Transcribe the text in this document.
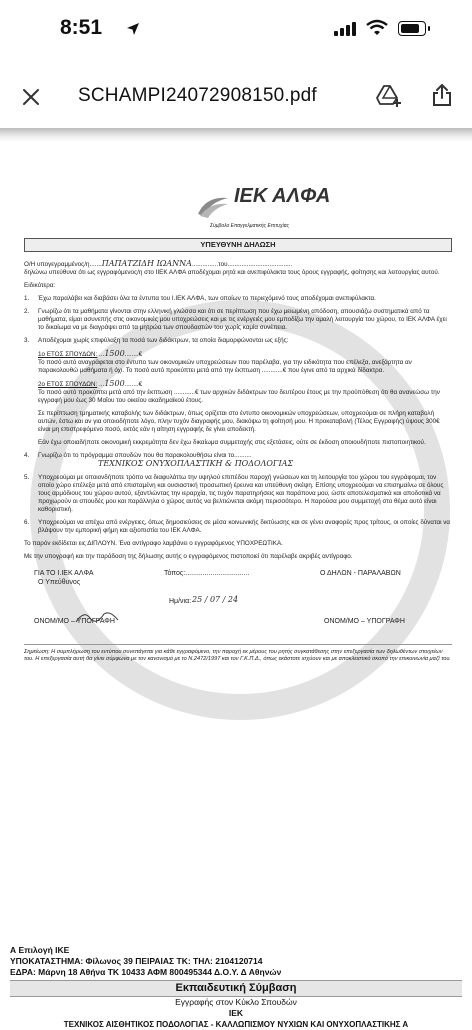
8:51
SCHAMPI24072908150.pdf
ΙΕΚ ΑΛΦΑ
Σύμβολο Επαγγελματικής Επιτυχίας
ΥΠΕΥΘΥΝΗ ΔΗΛΩΣΗ
Ο/Η υπογεγραμμένος/η.......ΠΑΠΑΤΖΙΔΗ ΙΩΑΝΝΑ...............του.....................................
δηλώνω υπεύθυνα ότι ως εγγραφόμενος/η στο ΙΙΕΚ ΑΛΦΑ αποδέχομαι ρητά και ανεπιφύλακτα τους όρους εγγραφής, φοίτησης και λειτουργίας αυτού.
Ειδικότερα:
1. Έχω παραλάβει και διαβάσει όλα τα έντυπα του Ι.ΙΕΚ ΑΛΦΑ, των οποίων το περιεχόμενό τους αποδέχομαι ανεπιφύλακτα.
2. Γνωρίζω ότι τα μαθήματα γίνονται στην ελληνική γλώσσα και ότι σε περίπτωση που έχω μειωμένη απόδοση, απουσιάζω συστηματικά από τα μαθήματα, είμαι ασυνεπής στις οικονομικές μου υποχρεώσεις και με τις ενέργειές μου εμποδίζω την ομαλή λειτουργία του χώρου, το ΙΕΚ ΑΛΦΑ έχει το δικαίωμα να με διαγράψει από τα μητρώα των σπουδαστών του χωρίς καμία συνέπεια.
3. Αποδέχομαι χωρίς επιφύλαξη τα ποσά των διδάκτρων, τα οποία διαμορφώνονται ως εξής:
1ο ΕΤΟΣ ΣΠΟΥΔΩΝ: ...1500........€
Το ποσό αυτό αναγράφεται στο έντυπο των οικονομικών υποχρεώσεων που παρέλαβα, για την ειδικότητα που επέλεξα, ανεξάρτητα αν παρακολουθώ μαθήματα ή όχι. Το ποσό αυτό προκύπτει μετά από την έκπτωση ............€ που έγινε από τα αρχικά δίδακτρα.
2ο ΕΤΟΣ ΣΠΟΥΔΩΝ: ...1500........€
Το ποσό αυτό προκύπτει μετά από την έκπτωση ............€ των αρχικών διδάκτρων του δευτέρου έτους με την προϋπόθεση ότι θα ανανεώσω την εγγραφή μου έως 30 Μαΐου του οικείου ακαδημαϊκού έτους.
Σε περίπτωση τμηματικής καταβολής των διδάκτρων, όπως ορίζεται στο έντυπο οικονομικών υποχρεώσεων, υποχρεούμαι σε πλήρη καταβολή αυτών, έστω και αν για οποιοδήποτε λόγο, πλην τυχόν διαγραφής μου, διακόψω τη φοίτησή μου. Η προκαταβολή (Τέλος Εγγραφής) ύψους 300€ είναι μη επιστρεφόμενο ποσό, εκτός εάν η αίτηση εγγραφής δε γίνει αποδεκτή.
Εάν έχω οποιαδήποτε οικονομική εκκρεμότητα δεν έχω δικαίωμα συμμετοχής στις εξετάσεις, ούτε σε έκδοση οποιουδήποτε πιστοποιητικού.
4. Γνωρίζω ότι το πρόγραμμα σπουδών που θα παρακολουθήσω είναι το..........
ΤΕΧΝΙΚΟΣ ΟΝΥΧΟΠΛΑΣΤΙΚΗ & ΠΟΔΟΛΟΓΙΑΣ
5. Υποχρεούμαι με οποιονδήποτε τρόπο να διαφυλάττω την υψηλού επιπέδου παροχή γνώσεων και τη λειτουργία του χώρου του εγγράφομαι, τον οποίο χώρο επέλεξα μετά από επισταμένη και ουσιαστική προσωπική έρευνα και υπεύθυνη σκέψη. Επίσης υποχρεούμαι να επισημαίνω σε όλους τους αρμόδιους του χώρου αυτού, εξαντλώντας την ιεραρχία, τις τυχόν παρατηρήσεις και παράπονα μου, ώστε αποτελεσματικά και αποδοτικά να προχωρούν οι σπουδές μου και παράλληλα ο χώρος αυτός να βελτιώνεται ακόμη περισσότερο. Η παρούσα μου συμμετοχή στο θέμα αυτό είναι καθοριστική.
6. Υποχρεούμαι να απέχω από ενέργειες, όπως δημοσιεύσεις σε μέσα κοινωνικής δικτύωσης και σε γένει αναφορές προς τρίτους, οι οποίες δύναται να βλάψουν την εμπορική φήμη και αξιοπιστία του ΙΕΚ ΑΛΦΑ.
Το παρόν εκδίδεται εις ΔΙΠΛΟΥΝ. Ένα αντίγραφο λαμβάνει ο εγγραφόμενος ΥΠΟΧΡΕΩΤΙΚΑ.
Με την υπογραφή και την παράδοση της δήλωσης αυτής ο εγγραφόμενος πιστοποιεί ότι παρέλαβε ακριβές αντίγραφο.
ΓΙΑ ΤΟ Ι.ΙΕΚ ΑΛΦΑ
Ο Υπεύθυνος
Τόπος:.................................	Ο ΔΗΛΩΝ - ΠΑΡΑΛΑΒΩΝ
Ημ/νια: 25 / 07 / 24
ΟΝΟΜ/ΜΟ – ΥΠΟΓΡΑΦΗ	ΟΝΟΜ/ΜΟ – ΥΠΟΓΡΑΦΗ
Σημείωση: Η συμπλήρωση του εντύπου συνεπάγεται για κάθε εγγραφόμενο, την παροχή εκ μέρους του ρητής συγκατάθεσης στην επεξεργασία των δηλωθέντων στοιχείων του. Η επεξεργασία αυτή θα γίνει σύμφωνα με τον κανονισμό με το Ν.2472/1997 και τον Γ.Κ.Π.Δ., όπως εκάστοτε ισχύουν και με αποκλειστικό σκοπό την επικοινωνία μαζί του.
Α Επιλογή ΙΚΕ
ΥΠΟΚΑΤΑΣΤΗΜΑ: Φίλωνος 39 ΠΕΙΡΑΙΑΣ ΤΚ: ΤΗΛ: 2104120714
ΕΔΡΑ: Μάρνη 18 Αθήνα ΤΚ 10433 ΑΦΜ 800495344 Δ.Ο.Υ. Δ Αθηνών
Εκπαιδευτική Σύμβαση
Εγγραφής στον Κύκλο Σπουδών
ΙΕΚ
ΤΕΧΝΙΚΟΣ ΑΙΣΘΗΤΙΚΟΣ ΠΟΔΟΛΟΓΙΑΣ - ΚΑΛΛΩΠΙΣΜΟΥ ΝΥΧΙΩΝ ΚΑΙ ΟΝΥΧΟΠΛΑΣΤΙΚΗΣ Α
